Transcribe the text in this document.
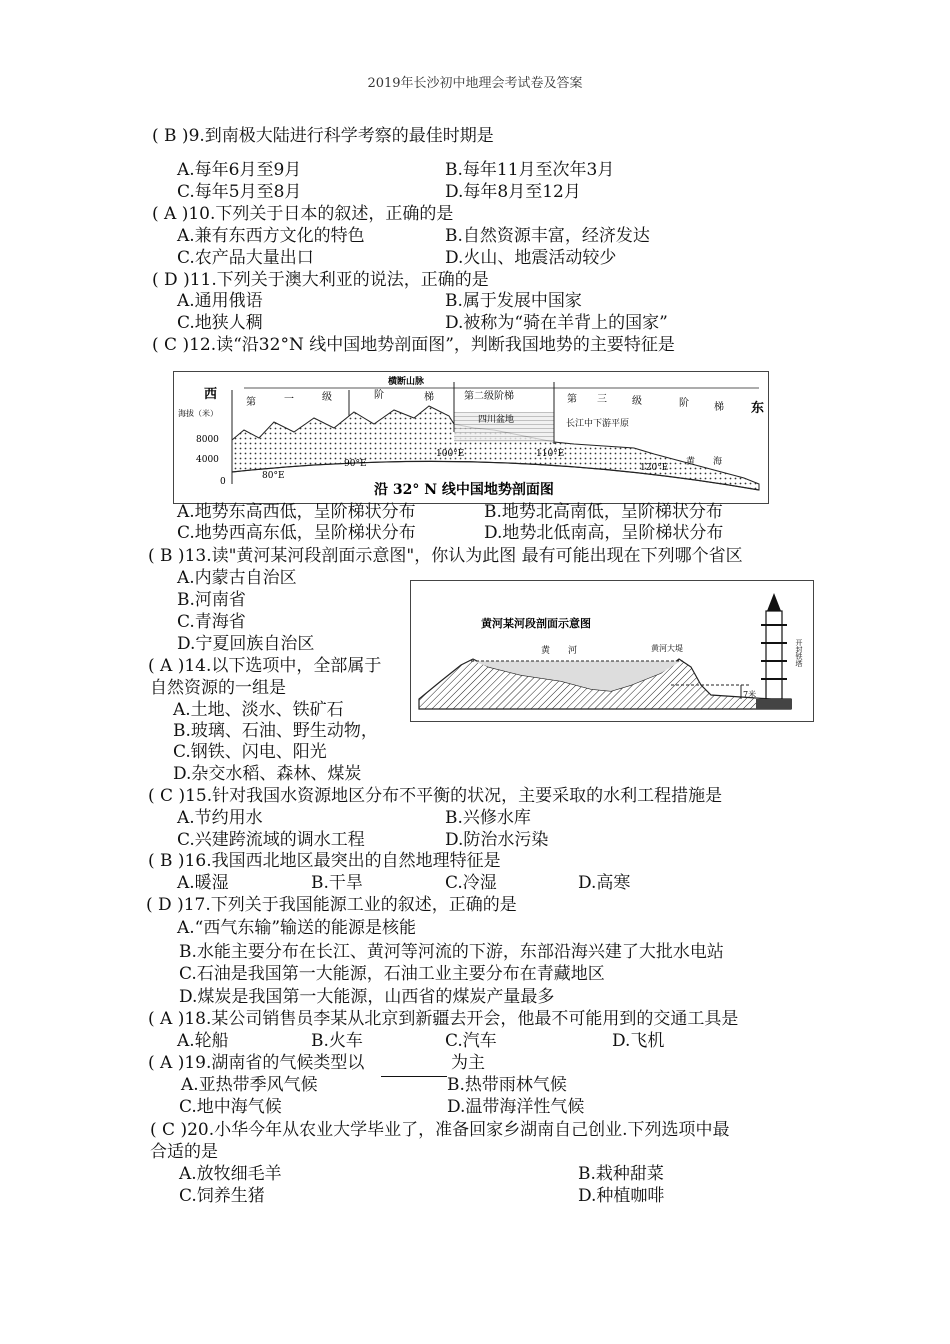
2019年长沙初中地理会考试卷及答案
( B )9.到南极大陆进行科学考察的最佳时期是
A.每年6月至9月	B.每年11月至次年3月
C.每年5月至8月	D.每年8月至12月
( A )10.下列关于日本的叙述，正确的是
A.兼有东西方文化的特色	B.自然资源丰富，经济发达
C.农产品大量出口	D.火山、地震活动较少
( D )11.下列关于澳大利亚的说法，正确的是
A.通用俄语	B.属于发展中国家
C.地狭人稠	D.被称为“骑在羊背上的国家”
( C )12.读“沿32°N 线中国地势剖面图”，判断我国地势的主要特征是
西
东
海拔（米）
8000
4000
0
横断山脉
第	一	级	阶	梯	第二级阶梯	第 三	级	阶	梯
四川盆地	长江中下游平原
黄　　海
80°E
90°E
100°E	110°E
120°E
沿 32° N 线中国地势剖面图
A.地势东高西低，呈阶梯状分布	B.地势北高南低，呈阶梯状分布
C.地势西高东低，呈阶梯状分布	D.地势北低南高，呈阶梯状分布
( B )13.读"黄河某河段剖面示意图"，你认为此图 最有可能出现在下列哪个省区
A.内蒙古自治区
B.河南省
C.青海省
D.宁夏回族自治区
黄河某河段剖面示意图
黄　　河	黄河大堤
7米
开封铁塔
( A )14.以下选项中，全部属于
自然资源的一组是
A.土地、淡水、铁矿石
B.玻璃、石油、野生动物，
C.钢铁、闪电、阳光
D.杂交水稻、森林、煤炭
( C )15.针对我国水资源地区分布不平衡的状况，主要采取的水利工程措施是
A.节约用水	B.兴修水库
C.兴建跨流域的调水工程	D.防治水污染
( B )16.我国西北地区最突出的自然地理特征是
A.暖湿	B.干旱	C.冷湿	D.高寒
( D )17.下列关于我国能源工业的叙述，正确的是
A.“西气东输”输送的能源是核能
B.水能主要分布在长江、黄河等河流的下游，东部沿海兴建了大批水电站
C.石油是我国第一大能源，石油工业主要分布在青藏地区
D.煤炭是我国第一大能源，山西省的煤炭产量最多
( A )18.某公司销售员李某从北京到新疆去开会，他最不可能用到的交通工具是
A.轮船	B.火车	C.汽车	D.飞机
( A )19.湖南省的气候类型以	为主
A.亚热带季风气候	B.热带雨林气候
C.地中海气候	D.温带海洋性气候
( C )20.小华今年从农业大学毕业了，准备回家乡湖南自己创业.下列选项中最
合适的是
A.放牧细毛羊	B.栽种甜菜
C.饲养生猪	D.种植咖啡
